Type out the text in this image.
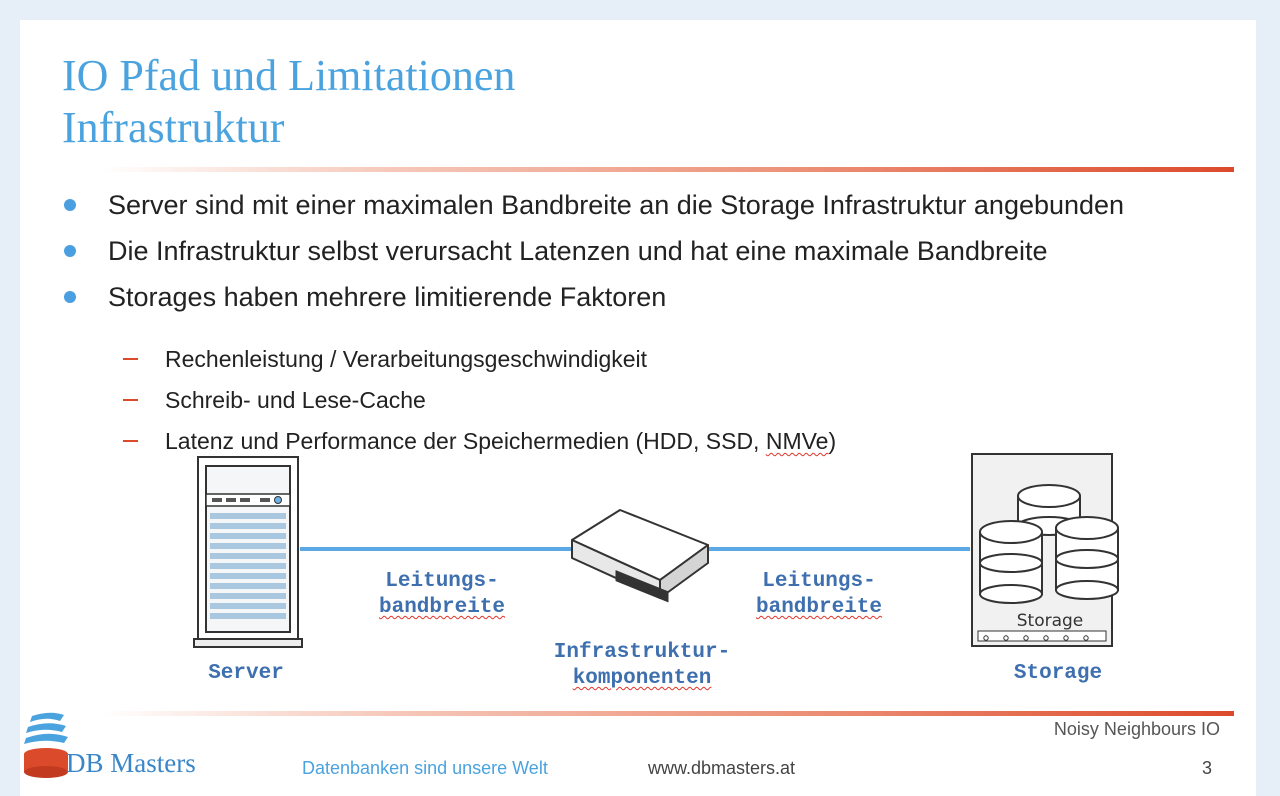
IO Pfad und Limitationen
Infrastruktur
Server sind mit einer maximalen Bandbreite an die Storage Infrastruktur angebunden
Die Infrastruktur selbst verursacht Latenzen und hat eine maximale Bandbreite
Storages haben mehrere limitierende Faktoren
Rechenleistung / Verarbeitungsgeschwindigkeit
Schreib- und Lese-Cache
Latenz und Performance der Speichermedien (HDD, SSD, NMVe)
Storage
Leitungs-
bandbreite
Server
Infrastruktur-
komponenten
Leitungs-
bandbreite
Storage
Noisy Neighbours IO
DB Masters	Datenbanken sind unsere Welt	www.dbmasters.at	3
